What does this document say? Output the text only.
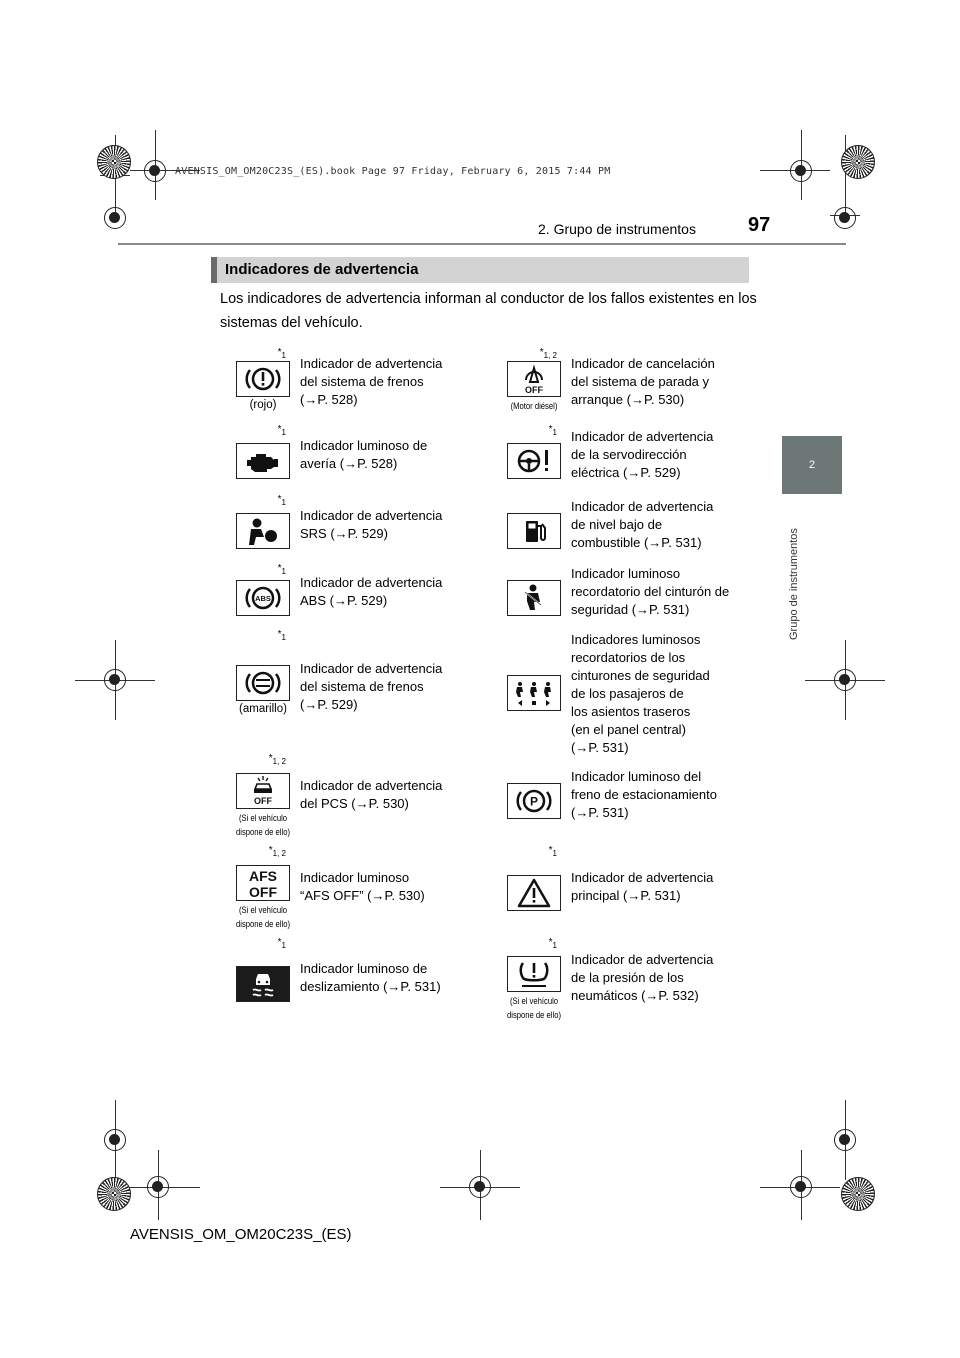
AVENSIS_OM_OM20C23S_(ES).book Page 97 Friday, February 6, 2015 7:44 PM
2. Grupo de instrumentos	97
2
Grupo de instrumentos
Indicadores de advertencia
Los indicadores de advertencia informan al conductor de los fallos existentes en los sistemas del vehículo.
$*_1$
(rojo)
Indicador de advertencia
del sistema de frenos
(→P. 528)
$*_{1, 2}$
OFF
(Motor diésel)
Indicador de cancelación
del sistema de parada y
arranque (→P. 530)
$*_1$
Indicador luminoso de
avería (→P. 528)
$*_1$ Indicador de advertencia
de la servodirección
eléctrica (→P. 529)
$*_1$
Indicador de advertencia
SRS (→P. 529)
Indicador de advertencia
de nivel bajo de
combustible (→P. 531)
$*_1$
ABS
Indicador de advertencia
ABS (→P. 529)
Indicador luminoso
recordatorio del cinturón de
seguridad (→P. 531)
$*_1$
(amarillo)
Indicador de advertencia
del sistema de frenos
(→P. 529)
Indicadores luminosos
recordatorios de los
cinturones de seguridad
de los pasajeros de
los asientos traseros
(en el panel central)
(→P. 531)
$*_{1, 2}$
OFF
(Si el vehículo
dispone de ello)
Indicador de advertencia
del PCS (→P. 530)	P
Indicador luminoso del
freno de estacionamiento
(→P. 531)
$*_{1, 2}$
AFS
OFF
(Si el vehículo
dispone de ello)
Indicador luminoso
“AFS OFF” (→P. 530)
$*_1$
Indicador de advertencia
principal (→P. 531)
$*_1$
Indicador luminoso de
deslizamiento (→P. 531)
$*_1$
(Si el vehículo
dispone de ello)
Indicador de advertencia
de la presión de los
neumáticos (→P. 532)
AVENSIS_OM_OM20C23S_(ES)
